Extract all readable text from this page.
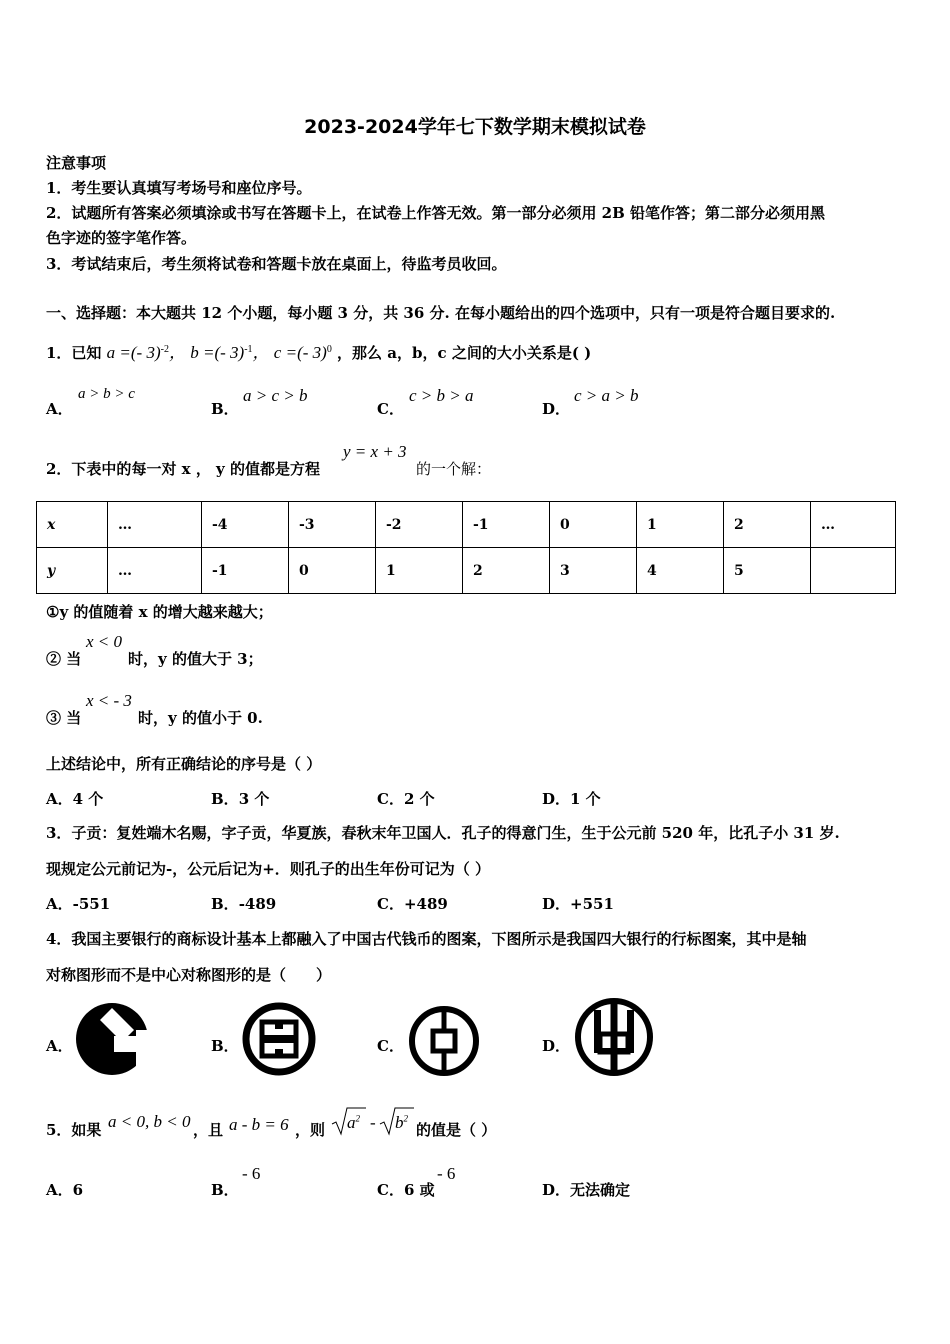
2023-2024学年七下数学期末模拟试卷
注意事项
1．考生要认真填写考场号和座位序号。
2．试题所有答案必须填涂或书写在答题卡上，在试卷上作答无效。第一部分必须用 2B 铅笔作答；第二部分必须用黑
色字迹的签字笔作答。
3．考试结束后，考生须将试卷和答题卡放在桌面上，待监考员收回。
一、选择题：本大题共 12 个小题，每小题 3 分，共 36 分. 在每小题给出的四个选项中，只有一项是符合题目要求的.
1．已知 a =(- 3)$^{-2}$， b =(- 3)$^{-1}$， c =(- 3)$^0$ ，那么 a，b，c 之间的大小关系是( )
A．
a > b > c
B．
a > c > b
C．
c > b > a
D．
c > a > b
2．下表中的每一对 x ， y 的值都是方程
y = x + 3
的一个解：
x	…	-4	-3	-2	-1	0	1	2	…
y	…	-1	0	1	2	3	4	5	
①y 的值随着 x 的增大越来越大；
② 当
x < 0
时，y 的值大于 3；
③ 当
x < - 3
时，y 的值小于 0.
上述结论中，所有正确结论的序号是（ ）
A．4 个	B．3 个	C．2 个	D．1 个
3．子贡：复姓端木名赐，字子贡，华夏族，春秋末年卫国人．孔子的得意门生，生于公元前 520 年，比孔子小 31 岁.
现规定公元前记为-，公元后记为+．则孔子的出生年份可记为（ ）
A．-551	B．-489	C．+489	D．+551
4．我国主要银行的商标设计基本上都融入了中国古代钱币的图案，下图所示是我国四大银行的行标图案，其中是轴
对称图形而不是中心对称图形的是（　　）
A．	B．	C．	D．
5．如果 a < 0, b < 0 ，且 a - b = 6 ，则 $a^2 - b^2$
的值是（ ）
A．6	B．
- 6
C．6 或
- 6
D．无法确定
